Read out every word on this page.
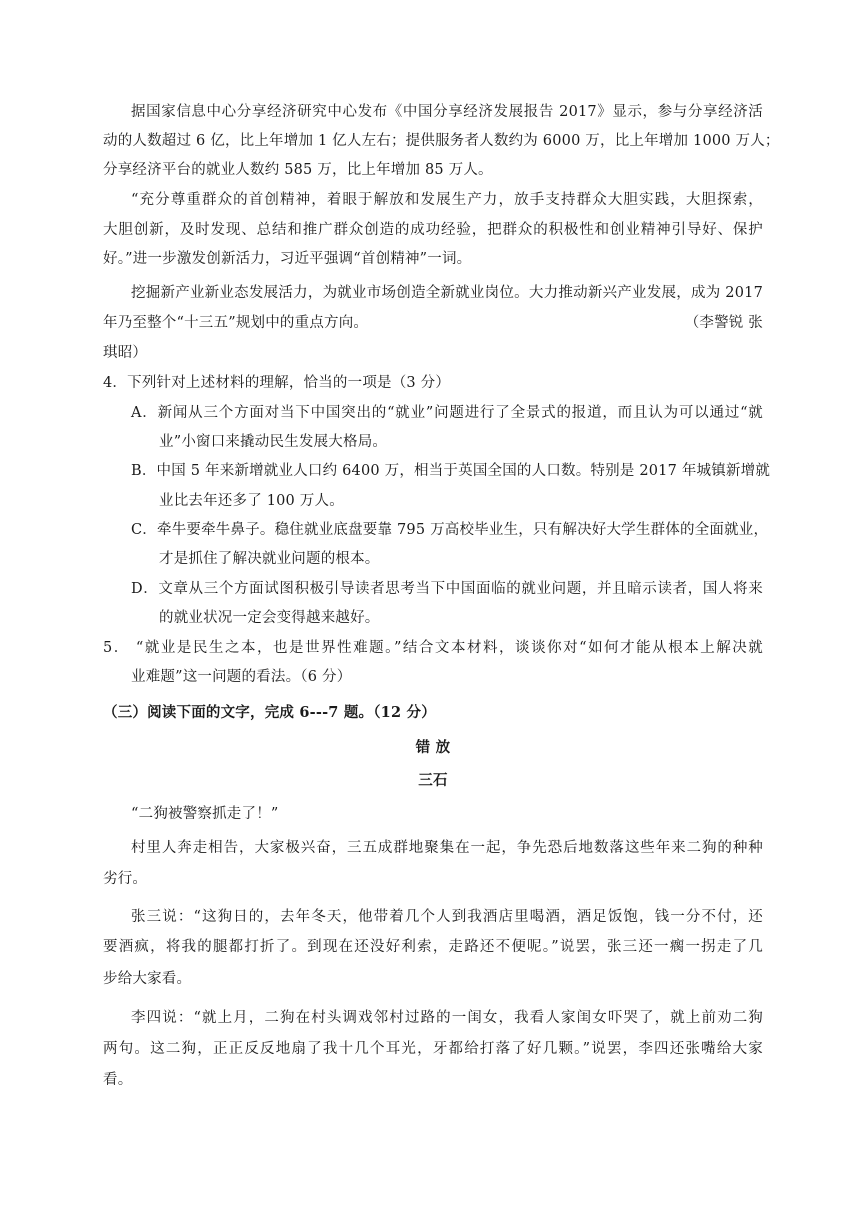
据国家信息中心分享经济研究中心发布《中国分享经济发展报告 2017》显示，参与分享经济活
动的人数超过 6 亿，比上年增加 1 亿人左右；提供服务者人数约为 6000 万，比上年增加 1000 万人；
分享经济平台的就业人数约 585 万，比上年增加 85 万人。
“充分尊重群众的首创精神，着眼于解放和发展生产力，放手支持群众大胆实践，大胆探索，
大胆创新，及时发现、总结和推广群众创造的成功经验，把群众的积极性和创业精神引导好、保护
好。”进一步激发创新活力，习近平强调“首创精神”一词。
挖掘新产业新业态发展活力，为就业市场创造全新就业岗位。大力推动新兴产业发展，成为 2017
年乃至整个“十三五”规划中的重点方向。	（李警锐 张
琪昭）
4．下列针对上述材料的理解，恰当的一项是（3 分）
A．新闻从三个方面对当下中国突出的“就业”问题进行了全景式的报道，而且认为可以通过“就
业”小窗口来撬动民生发展大格局。
B．中国 5 年来新增就业人口约 6400 万，相当于英国全国的人口数。特别是 2017 年城镇新增就
业比去年还多了 100 万人。
C．牵牛要牵牛鼻子。稳住就业底盘要靠 795 万高校毕业生，只有解决好大学生群体的全面就业，
才是抓住了解决就业问题的根本。
D．文章从三个方面试图积极引导读者思考当下中国面临的就业问题，并且暗示读者，国人将来
的就业状况一定会变得越来越好。
5． “就业是民生之本，也是世界性难题。”结合文本材料，谈谈你对“如何才能从根本上解决就
业难题”这一问题的看法。（6 分）
（三）阅读下面的文字，完成 6---7 题。（12 分）
错 放
三石
“二狗被警察抓走了！”
村里人奔走相告，大家极兴奋，三五成群地聚集在一起，争先恐后地数落这些年来二狗的种种
劣行。
张三说：“这狗日的，去年冬天，他带着几个人到我酒店里喝酒，酒足饭饱，钱一分不付，还
要酒疯，将我的腿都打折了。到现在还没好利索，走路还不便呢。”说罢，张三还一瘸一拐走了几
步给大家看。
李四说：“就上月，二狗在村头调戏邻村过路的一闺女，我看人家闺女吓哭了，就上前劝二狗
两句。这二狗，正正反反地扇了我十几个耳光，牙都给打落了好几颗。”说罢，李四还张嘴给大家
看。
